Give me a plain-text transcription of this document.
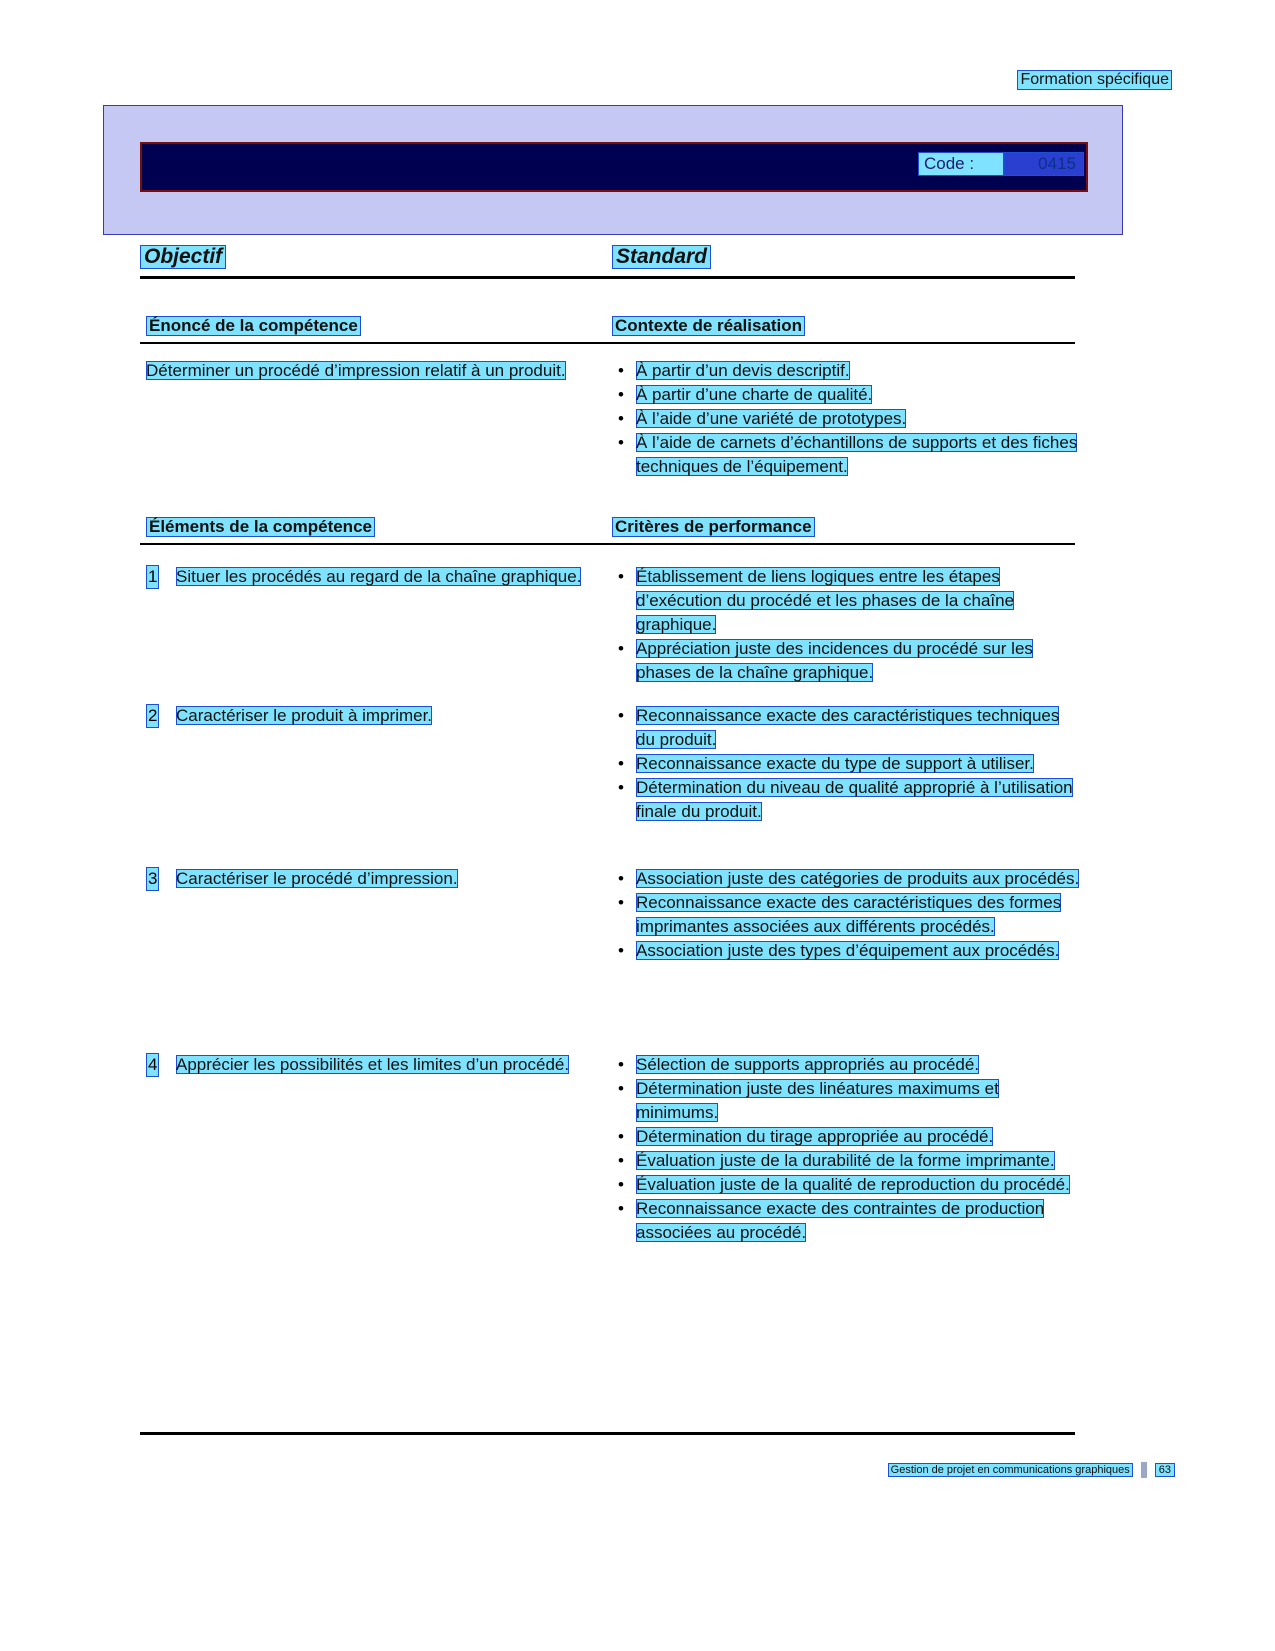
Formation spécifique
Code :	0415
Objectif	Standard
Énoncé de la compétence	Contexte de réalisation
Déterminer un procédé d’impression relatif à un produit.	• À partir d’un devis descriptif.
• À partir d’une charte de qualité.
• À l’aide d’une variété de prototypes.
• À l’aide de carnets d’échantillons de supports et des fiches techniques de l’équipement.
Éléments de la compétence	Critères de performance
1 Situer les procédés au regard de la chaîne graphique.	• Établissement de liens logiques entre les étapes d’exécution du procédé et les phases de la chaîne graphique.
• Appréciation juste des incidences du procédé sur les phases de la chaîne graphique.
2 Caractériser le produit à imprimer.	• Reconnaissance exacte des caractéristiques techniques du produit.
• Reconnaissance exacte du type de support à utiliser.
• Détermination du niveau de qualité approprié à l’utilisation finale du produit.
3 Caractériser le procédé d’impression.	• Association juste des catégories de produits aux procédés.
• Reconnaissance exacte des caractéristiques des formes imprimantes associées aux différents procédés.
• Association juste des types d’équipement aux procédés.
4 Apprécier les possibilités et les limites d’un procédé.	• Sélection de supports appropriés au procédé.
• Détermination juste des linéatures maximums et minimums.
• Détermination du tirage appropriée au procédé.
• Évaluation juste de la durabilité de la forme imprimante.
• Évaluation juste de la qualité de reproduction du procédé.
• Reconnaissance exacte des contraintes de production associées au procédé.
Gestion de projet en communications graphiques	63
